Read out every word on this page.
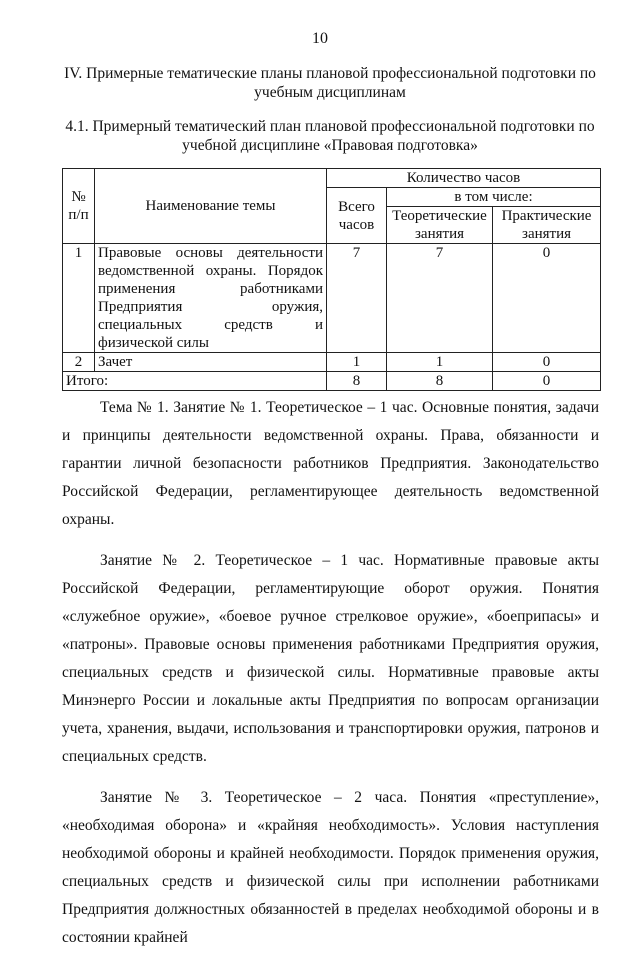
10
IV. Примерные тематические планы плановой профессиональной подготовки по учебным дисциплинам
4.1. Примерный тематический план плановой профессиональной подготовки по учебной дисциплине «Правовая подготовка»
№ п/п	Наименование темы	Количество часов		
		Всего часов	в том числе:	
			Теоретические занятия	Практические занятия
1	Правовые основы деятельности ведомственной охраны. Порядок применения работниками Предприятия оружия, специальных средств и физической силы	7	7	0
2	Зачет	1	1	0
Итого:		8	8	0

Тема № 1. Занятие № 1. Теоретическое – 1 час. Основные понятия, задачи и принципы деятельности ведомственной охраны. Права, обязанности и гарантии личной безопасности работников Предприятия. Законодательство Российской Федерации, регламентирующее деятельность ведомственной охраны.

Занятие № 2. Теоретическое – 1 час. Нормативные правовые акты Российской Федерации, регламентирующие оборот оружия. Понятия «служебное оружие», «боевое ручное стрелковое оружие», «боеприпасы» и «патроны». Правовые основы применения работниками Предприятия оружия, специальных средств и физической силы. Нормативные правовые акты Минэнерго России и локальные акты Предприятия по вопросам организации учета, хранения, выдачи, использования и транспортировки оружия, патронов и специальных средств.

Занятие № 3. Теоретическое – 2 часа. Понятия «преступление», «необходимая оборона» и «крайняя необходимость». Условия наступления необходимой обороны и крайней необходимости. Порядок применения оружия, специальных средств и физической силы при исполнении работниками Предприятия должностных обязанностей в пределах необходимой обороны и в состоянии крайней
